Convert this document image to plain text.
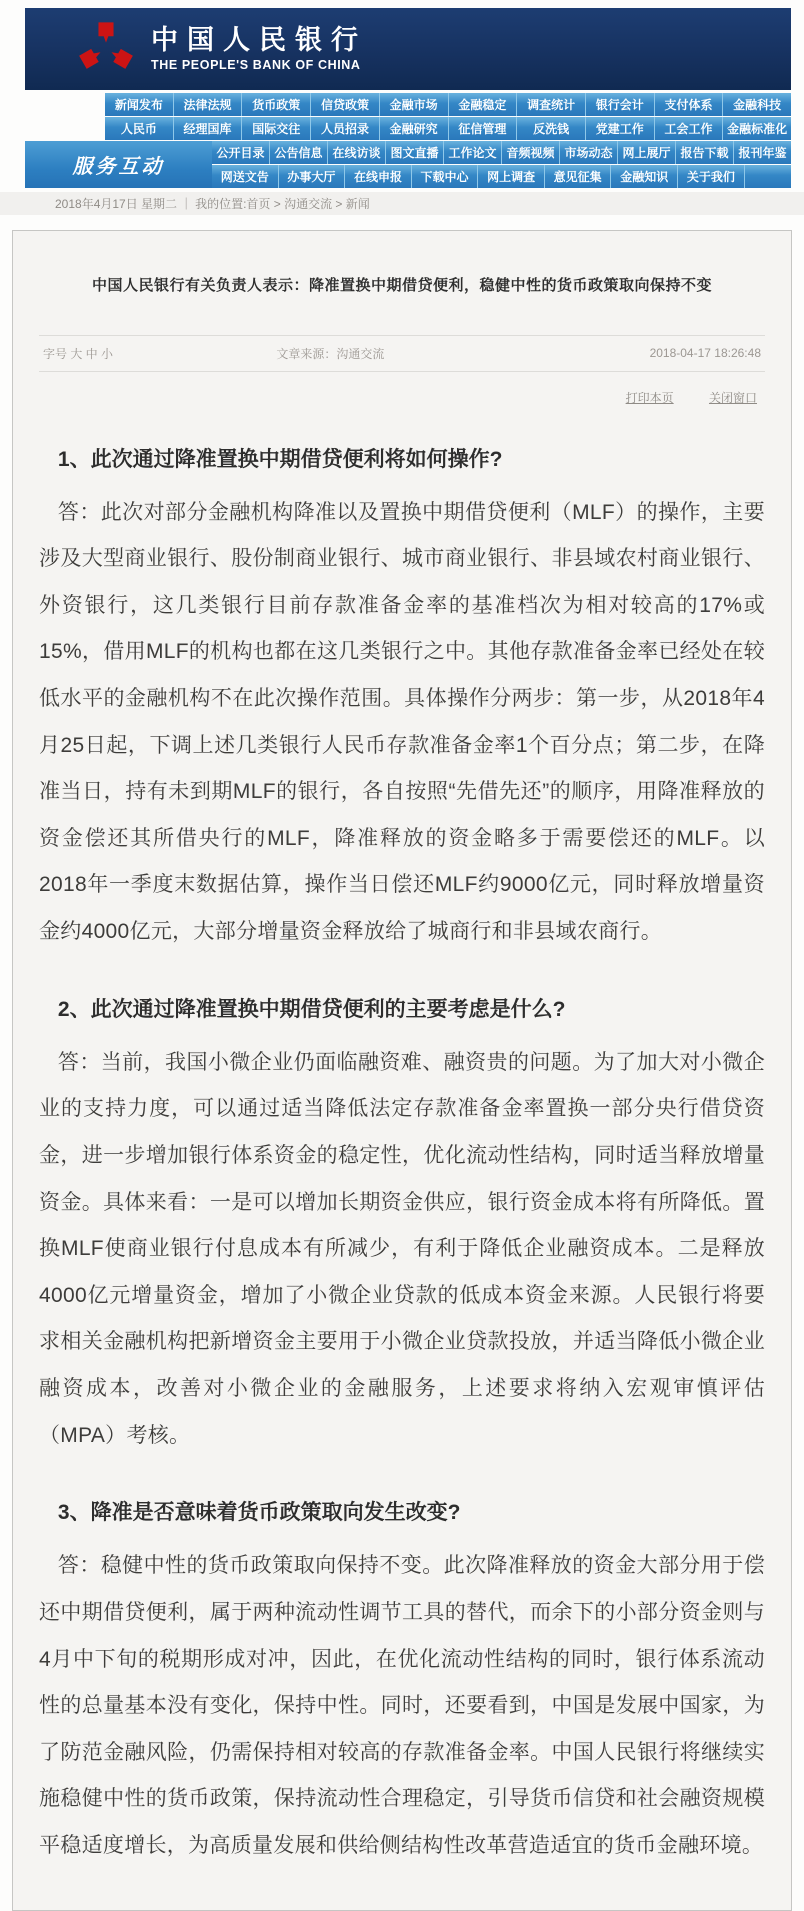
中国人民银行
THE PEOPLE'S BANK OF CHINA
新闻发布	法律法规	货币政策	信贷政策	金融市场	金融稳定	调查统计	银行会计	支付体系	金融科技
人民币	经理国库	国际交往	人员招录	金融研究	征信管理	反洗钱	党建工作	工会工作	金融标准化
服务互动
公开目录 公告信息 在线访谈 图文直播 工作论文 音频视频 市场动态 网上展厅 报告下载 报刊年鉴
网送文告	办事大厅	在线申报	下载中心	网上调查	意见征集	金融知识	关于我们
2018年4月17日 星期二 ｜ 我的位置:首页 > 沟通交流 > 新闻
中国人民银行有关负责人表示：降准置换中期借贷便利，稳健中性的货币政策取向保持不变
字号 大 中 小	文章来源：沟通交流	2018-04-17 18:26:48
打印本页	关闭窗口
1、此次通过降准置换中期借贷便利将如何操作?

答：此次对部分金融机构降准以及置换中期借贷便利（MLF）的操作，主要涉及大型商业银行、股份制商业银行、城市商业银行、非县域农村商业银行、外资银行，这几类银行目前存款准备金率的基准档次为相对较高的17%或15%，借用MLF的机构也都在这几类银行之中。其他存款准备金率已经处在较低水平的金融机构不在此次操作范围。具体操作分两步：第一步，从2018年4月25日起，下调上述几类银行人民币存款准备金率1个百分点；第二步，在降准当日，持有未到期MLF的银行，各自按照“先借先还”的顺序，用降准释放的资金偿还其所借央行的MLF，降准释放的资金略多于需要偿还的MLF。以2018年一季度末数据估算，操作当日偿还MLF约9000亿元，同时释放增量资金约4000亿元，大部分增量资金释放给了城商行和非县域农商行。

2、此次通过降准置换中期借贷便利的主要考虑是什么?

答：当前，我国小微企业仍面临融资难、融资贵的问题。为了加大对小微企业的支持力度，可以通过适当降低法定存款准备金率置换一部分央行借贷资金，进一步增加银行体系资金的稳定性，优化流动性结构，同时适当释放增量资金。具体来看：一是可以增加长期资金供应，银行资金成本将有所降低。置换MLF使商业银行付息成本有所减少，有利于降低企业融资成本。二是释放4000亿元增量资金，增加了小微企业贷款的低成本资金来源。人民银行将要求相关金融机构把新增资金主要用于小微企业贷款投放，并适当降低小微企业融资成本，改善对小微企业的金融服务，上述要求将纳入宏观审慎评估（MPA）考核。

3、降准是否意味着货币政策取向发生改变?

答：稳健中性的货币政策取向保持不变。此次降准释放的资金大部分用于偿还中期借贷便利，属于两种流动性调节工具的替代，而余下的小部分资金则与4月中下旬的税期形成对冲，因此，在优化流动性结构的同时，银行体系流动性的总量基本没有变化，保持中性。同时，还要看到，中国是发展中国家，为了防范金融风险，仍需保持相对较高的存款准备金率。中国人民银行将继续实施稳健中性的货币政策，保持流动性合理稳定，引导货币信贷和社会融资规模平稳适度增长，为高质量发展和供给侧结构性改革营造适宜的货币金融环境。
